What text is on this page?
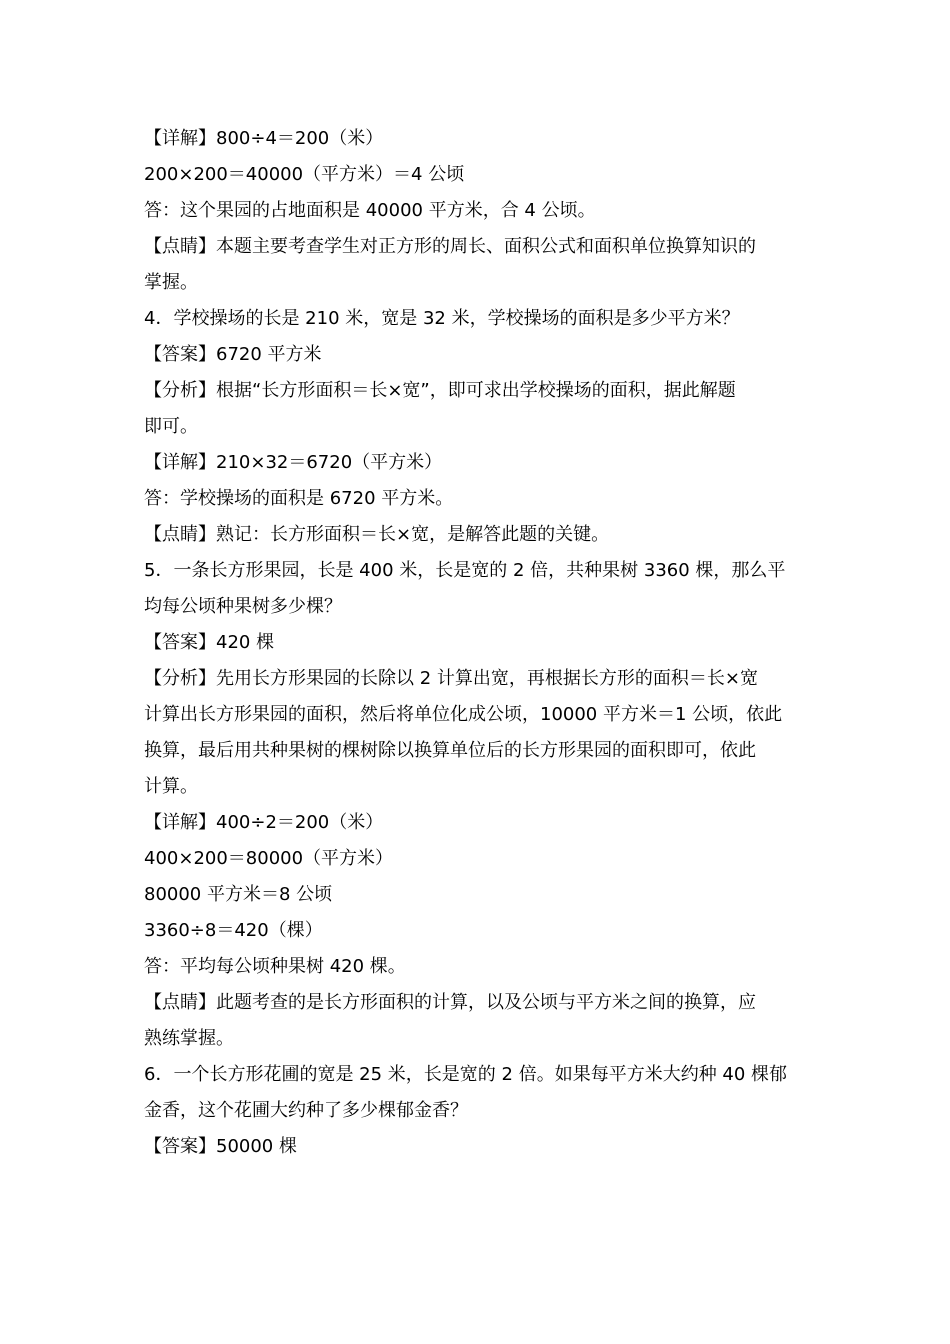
【详解】800÷4＝200（米）
200×200＝40000（平方米）＝4 公顷
答：这个果园的占地面积是 40000 平方米，合 4 公顷。
【点睛】本题主要考查学生对正方形的周长、面积公式和面积单位换算知识的
掌握。
4．学校操场的长是 210 米，宽是 32 米，学校操场的面积是多少平方米？
【答案】6720 平方米
【分析】根据“长方形面积＝长×宽”，即可求出学校操场的面积，据此解题
即可。
【详解】210×32＝6720（平方米）
答：学校操场的面积是 6720 平方米。
【点睛】熟记：长方形面积＝长×宽，是解答此题的关键。
5．一条长方形果园，长是 400 米，长是宽的 2 倍，共种果树 3360 棵，那么平
均每公顷种果树多少棵？
【答案】420 棵
【分析】先用长方形果园的长除以 2 计算出宽，再根据长方形的面积＝长×宽
计算出长方形果园的面积，然后将单位化成公顷，10000 平方米＝1 公顷，依此
换算，最后用共种果树的棵树除以换算单位后的长方形果园的面积即可，依此
计算。
【详解】400÷2＝200（米）
400×200＝80000（平方米）
80000 平方米＝8 公顷
3360÷8＝420（棵）
答：平均每公顷种果树 420 棵。
【点睛】此题考查的是长方形面积的计算，以及公顷与平方米之间的换算，应
熟练掌握。
6．一个长方形花圃的宽是 25 米，长是宽的 2 倍。如果每平方米大约种 40 棵郁
金香，这个花圃大约种了多少棵郁金香？
【答案】50000 棵
